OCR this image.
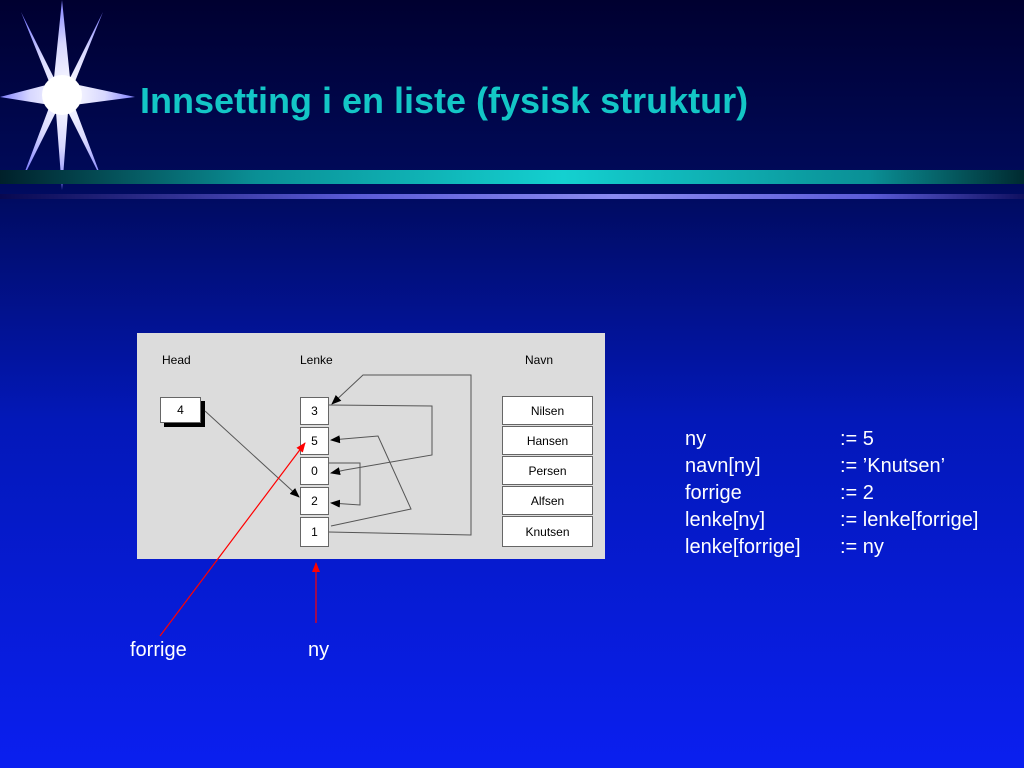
Innsetting i en liste (fysisk struktur)
Head	Lenke	Navn
4	3
5
0
2
1
Nilsen
Hansen
Persen
Alfsen
Knutsen
forrige	ny
ny	:= 5
navn[ny]	:= ’Knutsen’
forrige	:= 2
lenke[ny]	:= lenke[forrige]
lenke[forrige]	:= ny
